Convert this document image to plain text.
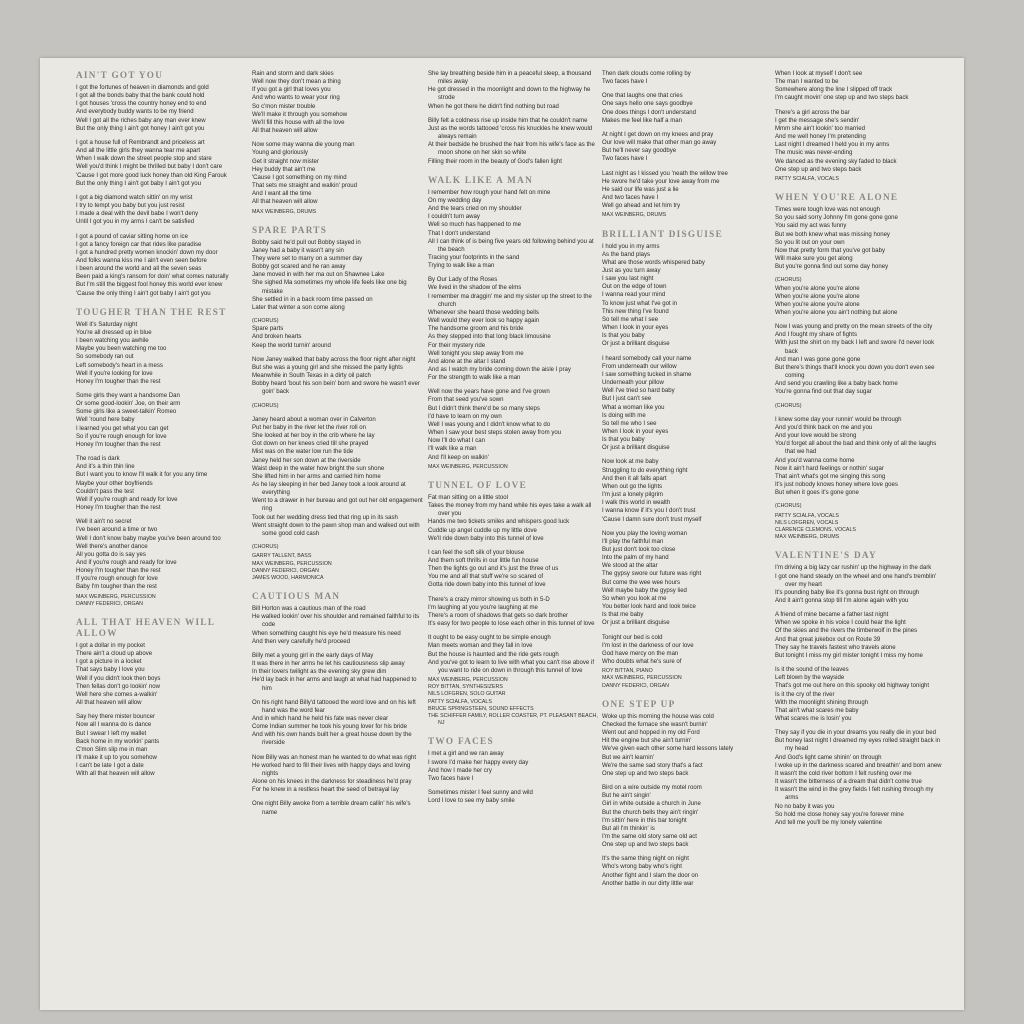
AIN'T GOT YOU
I got the fortunes of heaven in diamonds and gold
I got all the bonds baby that the bank could hold
I got houses 'cross the country honey end to end
And everybody buddy wants to be my friend
Well I got all the riches baby any man ever knew
But the only thing I ain't got honey I ain't got you
I got a house full of Rembrandt and priceless art
And all the little girls they wanna tear me apart
When I walk down the street people stop and stare
Well you'd think I might be thrilled but baby I don't care
'Cause I got more good luck honey than old King Farouk
But the only thing I ain't got baby I ain't got you
I got a big diamond watch sittin' on my wrist
I try to tempt you baby but you just resist
I made a deal with the devil babe I won't deny
Until I got you in my arms I can't be satisfied
I got a pound of caviar sitting home on ice
I got a fancy foreign car that rides like paradise
I got a hundred pretty women knockin' down my door
And folks wanna kiss me I ain't even seen before
I been around the world and all the seven seas
Been paid a king's ransom for doin' what comes naturally
But I'm still the biggest fool honey this world ever knew
'Cause the only thing I ain't got baby I ain't got you
TOUGHER THAN THE REST
Well it's Saturday night
You're all dressed up in blue
I been watching you awhile
Maybe you been watching me too
So somebody ran out
Left somebody's heart in a mess
Well if you're looking for love
Honey I'm tougher than the rest
Some girls they want a handsome Dan
Or some good-lookin' Joe, on their arm
Some girls like a sweet-talkin' Romeo
Well 'round here baby
I learned you get what you can get
So if you're rough enough for love
Honey I'm tougher than the rest
The road is dark
And it's a thin thin line
But I want you to know I'll walk it for you any time
Maybe your other boyfriends
Couldn't pass the test
Well if you're rough and ready for love
Honey I'm tougher than the rest
Well it ain't no secret
I've been around a time or two
Well I don't know baby maybe you've been around too
Well there's another dance
All you gotta do is say yes
And if you're rough and ready for love
Honey I'm tougher than the rest
If you're rough enough for love
Baby I'm tougher than the rest
MAX WEINBERG, PERCUSSION
DANNY FEDERICI, ORGAN
ALL THAT HEAVEN WILL ALLOW
I got a dollar in my pocket
There ain't a cloud up above
I got a picture in a locket
That says baby I love you
Well if you didn't look then boys
Then fellas don't go lookin' now
Well here she comes a-walkin'
All that heaven will allow
Say hey there mister bouncer
Now all I wanna do is dance
But I swear I left my wallet
Back home in my workin' pants
C'mon Slim slip me in man
I'll make it up to you somehow
I can't be late I got a date
With all that heaven will allow
Rain and storm and dark skies
Well now they don't mean a thing
If you got a girl that loves you
And who wants to wear your ring
So c'mon mister trouble
We'll make it through you somehow
We'll fill this house with all the love
All that heaven will allow
Now some may wanna die young man
Young and gloriously
Get it straight now mister
Hey buddy that ain't me
'Cause I got something on my mind
That sets me straight and walkin' proud
And I want all the time
All that heaven will allow
MAX WEINBERG, DRUMS
SPARE PARTS
Bobby said he'd pull out Bobby stayed in
Janey had a baby it wasn't any sin
They were set to marry on a summer day
Bobby got scared and he ran away
Jane moved in with her ma out on Shawnee Lake
She sighed Ma sometimes my whole life feels like one big mistake
She settled in in a back room time passed on
Later that winter a son come along
(CHORUS)
Spare parts
And broken hearts
Keep the world turnin' around
Now Janey walked that baby across the floor night after night
But she was a young girl and she missed the party lights
Meanwhile in South Texas in a dirty oil patch
Bobby heard 'bout his son bein' born and swore he wasn't ever goin' back
(CHORUS)
Janey heard about a woman over in Calverton
Put her baby in the river let the river roll on
She looked at her boy in the crib where he lay
Got down on her knees cried till she prayed
Mist was on the water low run the tide
Janey held her son down at the riverside
Waist deep in the water how bright the sun shone
She lifted him in her arms and carried him home
As he lay sleeping in her bed Janey took a look around at everything
Went to a drawer in her bureau and got out her old engagement ring
Took out her wedding dress tied that ring up in its sash
Went straight down to the pawn shop man and walked out with some good cold cash
(CHORUS)
GARRY TALLENT, BASS
MAX WEINBERG, PERCUSSION
DANNY FEDERICI, ORGAN
JAMES WOOD, HARMONICA
CAUTIOUS MAN
Bill Horton was a cautious man of the road
He walked lookin' over his shoulder and remained faithful to its code
When something caught his eye he'd measure his need
And then very carefully he'd proceed
Billy met a young girl in the early days of May
It was there in her arms he let his cautiousness slip away
In their lovers twilight as the evening sky grew dim
He'd lay back in her arms and laugh at what had happened to him
On his right hand Billy'd tattooed the word love and on his left hand was the word fear
And in which hand he held his fate was never clear
Come Indian summer he took his young lover for his bride
And with his own hands built her a great house down by the riverside
Now Billy was an honest man he wanted to do what was right
He worked hard to fill their lives with happy days and loving nights
Alone on his knees in the darkness for steadiness he'd pray
For he knew in a restless heart the seed of betrayal lay
One night Billy awoke from a terrible dream callin' his wife's name
She lay breathing beside him in a peaceful sleep, a thousand miles away
He got dressed in the moonlight and down to the highway he strode
When he got there he didn't find nothing but road
Billy felt a coldness rise up inside him that he couldn't name
Just as the words tattooed 'cross his knuckles he knew would always remain
At their bedside he brushed the hair from his wife's face as the moon shone on her skin so white
Filling their room in the beauty of God's fallen light
WALK LIKE A MAN
I remember how rough your hand felt on mine
On my wedding day
And the tears cried on my shoulder
I couldn't turn away
Well so much has happened to me
That I don't understand
All I can think of is being five years old following behind you at the beach
Tracing your footprints in the sand
Trying to walk like a man
By Our Lady of the Roses
We lived in the shadow of the elms
I remember ma draggin' me and my sister up the street to the church
Whenever she heard those wedding bells
Well would they ever look so happy again
The handsome groom and his bride
As they stepped into that long black limousine
For their mystery ride
Well tonight you step away from me
And alone at the altar I stand
And as I watch my bride coming down the aisle I pray
For the strength to walk like a man
Well now the years have gone and I've grown
From that seed you've sown
But I didn't think there'd be so many steps
I'd have to learn on my own
Well I was young and I didn't know what to do
When I saw your best steps stolen away from you
Now I'll do what I can
I'll walk like a man
And I'll keep on walkin'
MAX WEINBERG, PERCUSSION
TUNNEL OF LOVE
Fat man sitting on a little stool
Takes the money from my hand while his eyes take a walk all over you
Hands me two tickets smiles and whispers good luck
Cuddle up angel cuddle up my little dove
We'll ride down baby into this tunnel of love
I can feel the soft silk of your blouse
And them soft thrills in our little fun house
Then the lights go out and it's just the three of us
You me and all that stuff we're so scared of
Gotta ride down baby into this tunnel of love
There's a crazy mirror showing us both in 5-D
I'm laughing at you you're laughing at me
There's a room of shadows that gets so dark brother
It's easy for two people to lose each other in this tunnel of love
It ought to be easy ought to be simple enough
Man meets woman and they fall in love
But the house is haunted and the ride gets rough
And you've got to learn to live with what you can't rise above if you want to ride on down in through this tunnel of love
MAX WEINBERG, PERCUSSION
ROY BITTAN, SYNTHESIZERS
NILS LOFGREN, SOLO GUITAR
PATTY SCIALFA, VOCALS
BRUCE SPRINGSTEEN, SOUND EFFECTS
THE SCHIFFER FAMILY, ROLLER COASTER, PT. PLEASANT BEACH, NJ
TWO FACES
I met a girl and we ran away
I swore I'd make her happy every day
And how I made her cry
Two faces have I
Sometimes mister I feel sunny and wild
Lord I love to see my baby smile
Then dark clouds come rolling by
Two faces have I
One that laughs one that cries
One says hello one says goodbye
One does things I don't understand
Makes me feel like half a man
At night I get down on my knees and pray
Our love will make that other man go away
But he'll never say goodbye
Two faces have I
Last night as I kissed you 'neath the willow tree
He swore he'd take your love away from me
He said our life was just a lie
And two faces have I
Well go ahead and let him try
MAX WEINBERG, DRUMS
BRILLIANT DISGUISE
I hold you in my arms
As the band plays
What are those words whispered baby
Just as you turn away
I saw you last night
Out on the edge of town
I wanna read your mind
To know just what I've got in
This new thing I've found
So tell me what I see
When I look in your eyes
Is that you baby
Or just a brilliant disguise
I heard somebody call your name
From underneath our willow
I saw something tucked in shame
Underneath your pillow
Well I've tried so hard baby
But I just can't see
What a woman like you
Is doing with me
So tell me who I see
When I look in your eyes
Is that you baby
Or just a brilliant disguise
Now look at me baby
Struggling to do everything right
And then it all falls apart
When out go the lights
I'm just a lonely pilgrim
I walk this world in wealth
I wanna know if it's you I don't trust
'Cause I damn sure don't trust myself
Now you play the loving woman
I'll play the faithful man
But just don't look too close
Into the palm of my hand
We stood at the altar
The gypsy swore our future was right
But come the wee wee hours
Well maybe baby the gypsy lied
So when you look at me
You better look hard and look twice
Is that me baby
Or just a brilliant disguise
Tonight our bed is cold
I'm lost in the darkness of our love
God have mercy on the man
Who doubts what he's sure of
ROY BITTAN, PIANO
MAX WEINBERG, PERCUSSION
DANNY FEDERICI, ORGAN
ONE STEP UP
Woke up this morning the house was cold
Checked the furnace she wasn't burnin'
Went out and hopped in my old Ford
Hit the engine but she ain't turnin'
We've given each other some hard lessons lately
But we ain't learnin'
We're the same sad story that's a fact
One step up and two steps back
Bird on a wire outside my motel room
But he ain't singin'
Girl in white outside a church in June
But the church bells they ain't ringin'
I'm sittin' here in this bar tonight
But all I'm thinkin' is
I'm the same old story same old act
One step up and two steps back
It's the same thing night on night
Who's wrong baby who's right
Another fight and I slam the door on
Another battle in our dirty little war
When I look at myself I don't see
The man I wanted to be
Somewhere along the line I slipped off track
I'm caught movin' one step up and two steps back
There's a girl across the bar
I get the message she's sendin'
Mmm she ain't lookin' too married
And me well honey I'm pretending
Last night I dreamed I held you in my arms
The music was never-ending
We danced as the evening sky faded to black
One step up and two steps back
PATTY SCIALFA, VOCALS
WHEN YOU'RE ALONE
Times were tough love was not enough
So you said sorry Johnny I'm gone gone gone
You said my act was funny
But we both knew what was missing honey
So you lit out on your own
Now that pretty form that you've got baby
Will make sure you get along
But you're gonna find out some day honey
(CHORUS)
When you're alone you're alone
When you're alone you're alone
When you're alone you're alone
When you're alone you ain't nothing but alone
Now I was young and pretty on the mean streets of the city
And I fought my share of fights
With just the shirt on my back I left and swore I'd never look back
And man I was gone gone gone
But there's things that'll knock you down you don't even see coming
And send you crawling like a baby back home
You're gonna find out that day sugar
(CHORUS)
I knew some day your runnin' would be through
And you'd think back on me and you
And your love would be strong
You'd forget all about the bad and think only of all the laughs that we had
And you'd wanna come home
Now it ain't hard feelings or nothin' sugar
That ain't what's got me singing this song
It's just nobody knows honey where love goes
But when it goes it's gone gone
(CHORUS)
PATTY SCIALFA, VOCALS
NILS LOFGREN, VOCALS
CLARENCE CLEMONS, VOCALS
MAX WEINBERG, DRUMS
VALENTINE'S DAY
I'm driving a big lazy car rushin' up the highway in the dark
I got one hand steady on the wheel and one hand's tremblin' over my heart
It's pounding baby like it's gonna bust right on through
And it ain't gonna stop till I'm alone again with you
A friend of mine became a father last night
When we spoke in his voice I could hear the light
Of the skies and the rivers the timberwolf in the pines
And that great jukebox out on Route 39
They say he travels fastest who travels alone
But tonight I miss my girl mister tonight I miss my home
Is it the sound of the leaves
Left blown by the wayside
That's got me out here on this spooky old highway tonight
Is it the cry of the river
With the moonlight shining through
That ain't what scares me baby
What scares me is losin' you
They say if you die in your dreams you really die in your bed
But honey last night I dreamed my eyes rolled straight back in my head
And God's light came shinin' on through
I woke up in the darkness scared and breathin' and born anew
It wasn't the cold river bottom I felt rushing over me
It wasn't the bitterness of a dream that didn't come true
It wasn't the wind in the grey fields I felt rushing through my arms
No no baby it was you
So hold me close honey say you're forever mine
And tell me you'll be my lonely valentine
